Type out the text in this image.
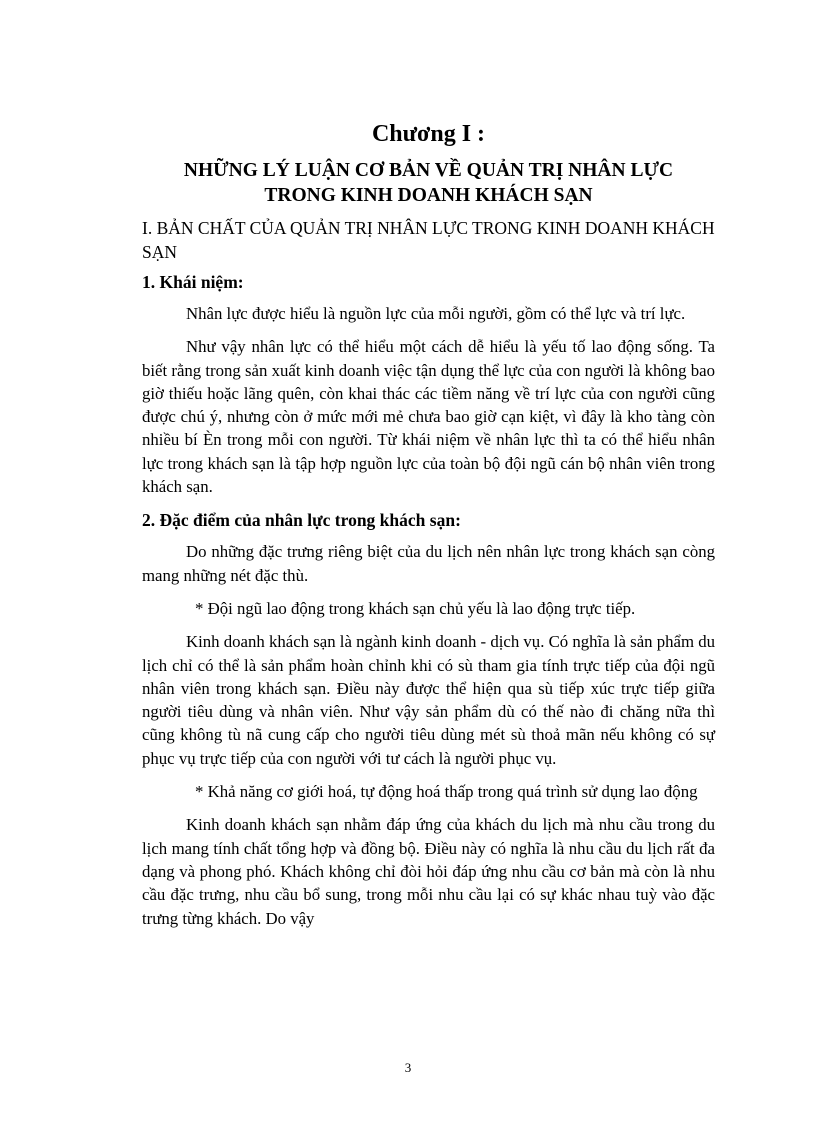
Chương I :
NHỮNG LÝ LUẬN CƠ BẢN VỀ QUẢN TRỊ NHÂN LỰC
TRONG KINH DOANH KHÁCH SẠN
I. BẢN CHẤT CỦA QUẢN TRỊ NHÂN LỰC TRONG KINH DOANH KHÁCH SẠN
1. Khái niệm:

Nhân lực được hiểu là nguồn lực của mỗi người, gồm có thể lực và trí lực.

Như vậy nhân lực có thể hiểu một cách dễ hiểu là yếu tố lao động sống. Ta biết rằng trong sản xuất kinh doanh việc tận dụng thể lực của con người là không bao giờ thiếu hoặc lãng quên, còn khai thác các tiềm năng về trí lực của con người cũng được chú ý, nhưng còn ở mức mới mẻ chưa bao giờ cạn kiệt, vì đây là kho tàng còn nhiều bí Èn trong mỗi con người. Từ khái niệm về nhân lực thì ta có thể hiểu nhân lực trong khách sạn là tập hợp nguồn lực của toàn bộ đội ngũ cán bộ nhân viên trong khách sạn.

2. Đặc điểm của nhân lực trong khách sạn:

Do những đặc trưng riêng biệt của du lịch nên nhân lực trong khách sạn còng mang những nét đặc thù.

* Đội ngũ lao động trong khách sạn chủ yếu là lao động trực tiếp.

Kinh doanh khách sạn là ngành kinh doanh - dịch vụ. Có nghĩa là sản phẩm du lịch chỉ có thể là sản phẩm hoàn chỉnh khi có sù tham gia tính trực tiếp của đội ngũ nhân viên trong khách sạn. Điều này được thể hiện qua sù tiếp xúc trực tiếp giữa người tiêu dùng và nhân viên. Như vậy sản phẩm dù có thế nào đi chăng nữa thì cũng không tù nã cung cấp cho người tiêu dùng mét sù thoả mãn nếu không có sự phục vụ trực tiếp của con người với tư cách là người phục vụ.

* Khả năng cơ giới hoá, tự động hoá thấp trong quá trình sử dụng lao động

Kinh doanh khách sạn nhằm đáp ứng của khách du lịch mà nhu cầu trong du lịch mang tính chất tổng hợp và đồng bộ. Điều này có nghĩa là nhu cầu du lịch rất đa dạng và phong phó. Khách không chỉ đòi hỏi đáp ứng nhu cầu cơ bản mà còn là nhu cầu đặc trưng, nhu cầu bổ sung, trong mỗi nhu cầu lại có sự khác nhau tuỳ vào đặc trưng từng khách. Do vậy

3
